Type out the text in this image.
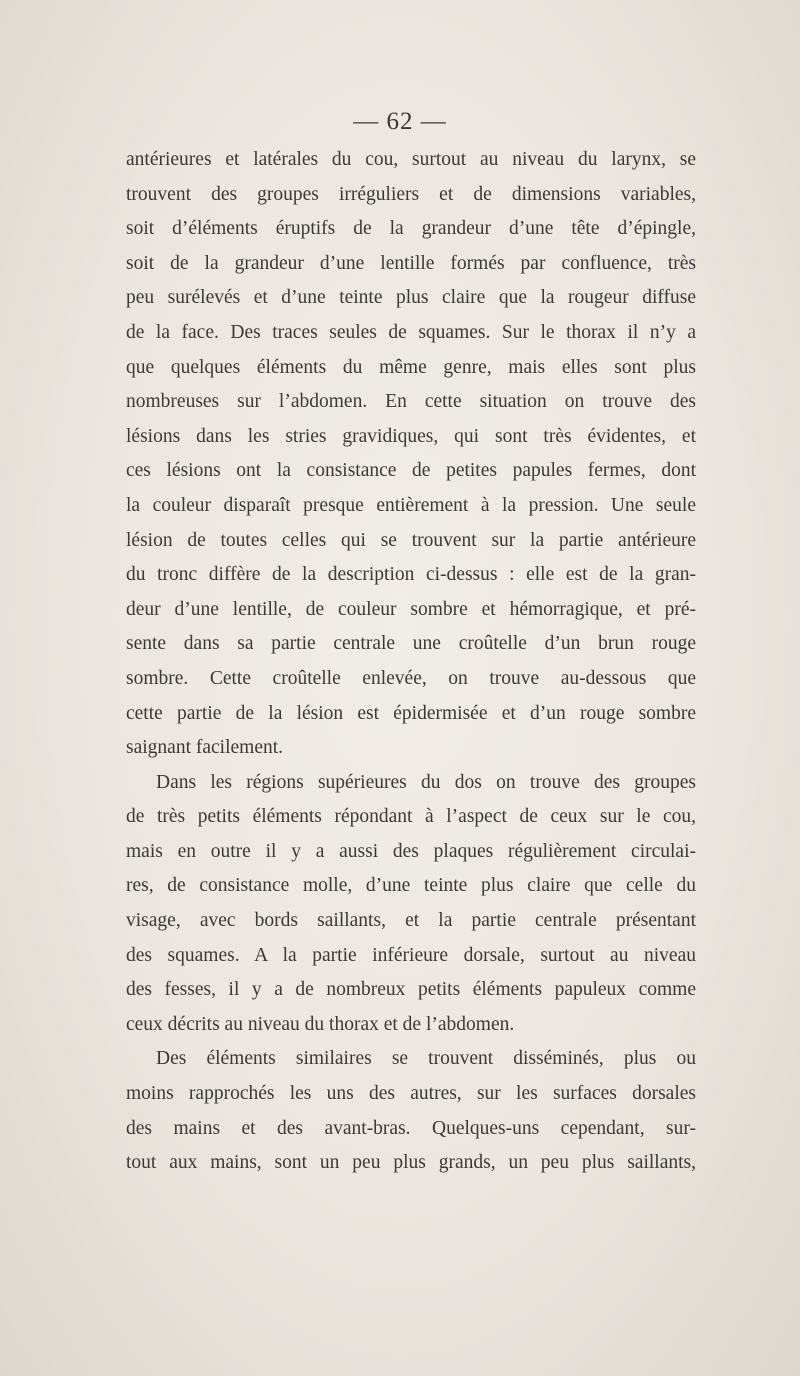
— 62 —
antérieures et latérales du cou, surtout au niveau du larynx, se
trouvent des groupes irréguliers et de dimensions variables,
soit d’éléments éruptifs de la grandeur d’une tête d’épingle,
soit de la grandeur d’une lentille formés par confluence, très
peu surélevés et d’une teinte plus claire que la rougeur diffuse
de la face. Des traces seules de squames. Sur le thorax il n’y a
que quelques éléments du même genre, mais elles sont plus
nombreuses sur l’abdomen. En cette situation on trouve des
lésions dans les stries gravidiques, qui sont très évidentes, et
ces lésions ont la consistance de petites papules fermes, dont
la couleur disparaît presque entièrement à la pression. Une seule
lésion de toutes celles qui se trouvent sur la partie antérieure
du tronc diffère de la description ci-dessus : elle est de la gran-
deur d’une lentille, de couleur sombre et hémorragique, et pré-
sente dans sa partie centrale une croûtelle d’un brun rouge
sombre. Cette croûtelle enlevée, on trouve au-dessous que
cette partie de la lésion est épidermisée et d’un rouge sombre
saignant facilement.
Dans les régions supérieures du dos on trouve des groupes
de très petits éléments répondant à l’aspect de ceux sur le cou,
mais en outre il y a aussi des plaques régulièrement circulai-
res, de consistance molle, d’une teinte plus claire que celle du
visage, avec bords saillants, et la partie centrale présentant
des squames. A la partie inférieure dorsale, surtout au niveau
des fesses, il y a de nombreux petits éléments papuleux comme
ceux décrits au niveau du thorax et de l’abdomen.
Des éléments similaires se trouvent disséminés, plus ou
moins rapprochés les uns des autres, sur les surfaces dorsales
des mains et des avant-bras. Quelques-uns cependant, sur-
tout aux mains, sont un peu plus grands, un peu plus saillants,
